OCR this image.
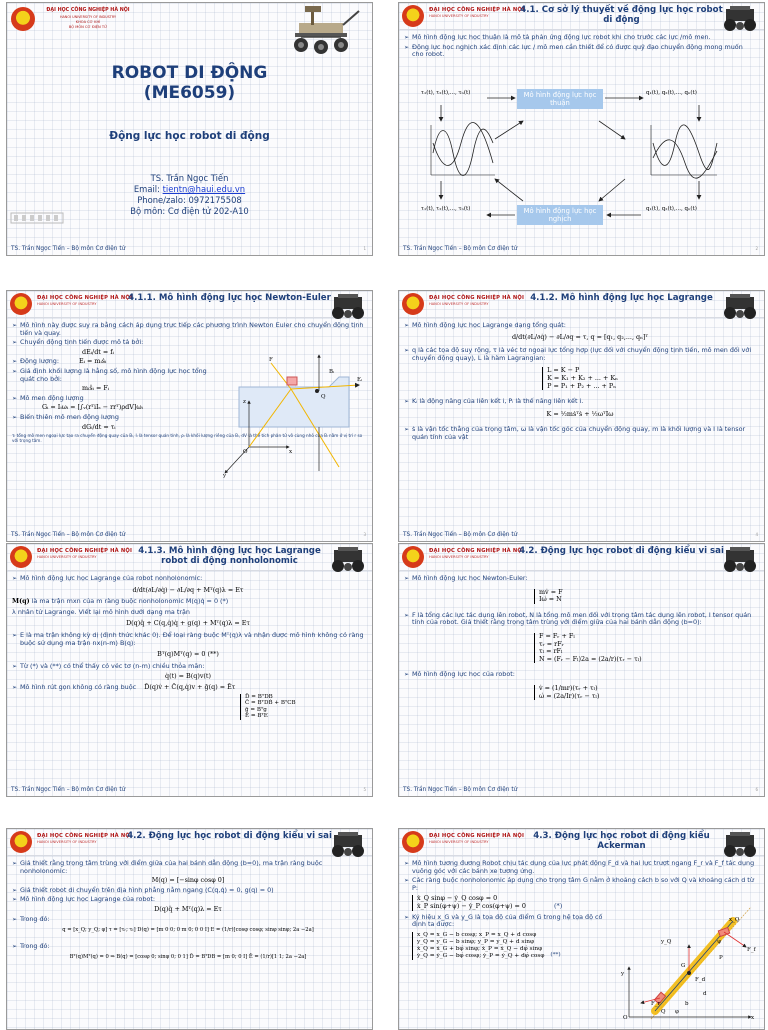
ĐẠI HỌC CÔNG NGHIỆP HÀ NỘI
HANOI UNIVERSITY OF INDUSTRY
KHOA CƠ KHÍ
BỘ MÔN CƠ ĐIỆN TỬ
ROBOT DI ĐỘNG
(ME6059)
Động lực học robot di động
TS. Trần Ngọc Tiến
Email: tientn@haui.edu.vn
Phone/zalo: 0972175508
Bộ môn: Cơ điện tử 202-A10
TS. Trần Ngọc Tiến – Bộ môn Cơ điện tử	1
ĐẠI HỌC CÔNG NGHIỆP HÀ NỘI
HANOI UNIVERSITY OF INDUSTRY
4.1. Cơ sở lý thuyết về động lực học robot di động
➢ Mô hình động lực học thuận là mô tả phản ứng động lực robot khi cho trước các lực /mô men.
➢ Động lực học nghịch xác định các lực / mô men cần thiết để có được quỹ đạo chuyển động mong muốn cho robot.
Mô hình động lực học thuận
Mô hình động lực học nghịch
τ₁(t), τ₂(t),..., τₙ(t)	q₁(t), q₂(t),..., qₙ(t)
τ₁(t), τ₂(t),..., τₙ(t)	q₁(t), q₂(t),..., qₙ(t)
TS. Trần Ngọc Tiến – Bộ môn Cơ điện tử	2
ĐẠI HỌC CÔNG NGHIỆP HÀ NỘI
HANOI UNIVERSITY OF INDUSTRY
4.1.1. Mô hình động lực học Newton-Euler
➢ Mô hình này được suy ra bằng cách áp dụng trực tiếp các phương trình Newton Euler cho chuyển động tịnh tiến và quay.
➢ Chuyển động tịnh tiến được mô tả bởi:
dEᵢ/dt = fᵢ
➢ Động lượng:	Eᵢ = mᵢṡᵢ
➢ Giả định khối lượng là hằng số, mô hình động lực học tổng quát cho bởi:
mᵢs̈ᵢ = Fᵢ
➢ Mô men động lượng
Gᵢ = Iᵢωᵢ = [∫ᵥ(rᵀiIₛ − rrᵀ)ρdV]ωᵢ
➢ Biến thiên mô men động lượng
dGᵢ/dt = τᵢ
τᵢ tổng mô men ngoại lực tạo ra chuyển động quay của Bᵢ, Iᵢ là tensor quán tính, ρᵢ là khối lượng riêng của Bᵢ, dV là thể tích phân tử vô cùng nhỏ của Bᵢ nằm ở vị trí r so với trọng tâm.
F
Bᵢ
Eᵢ
Q
z
O	x
y
TS. Trần Ngọc Tiến – Bộ môn Cơ điện tử	3
ĐẠI HỌC CÔNG NGHIỆP HÀ NỘI
HANOI UNIVERSITY OF INDUSTRY
4.1.2. Mô hình động lực học Lagrange
➢ Mô hình động lực học Lagrange dạng tổng quát:
d/dt(∂L/∂q̇) − ∂L/∂q = τ, q = [q₁, q₂,..., qₙ]ᵀ
➢ q là các tọa độ suy rộng, τ là véc tơ ngoại lực tổng hợp (lực đối với chuyển động tịnh tiến, mô men đối với chuyển động quay), L là hàm Lagrangian:
L = K − P
K = K₁ + K₂ + ... + Kₙ
P = P₁ + P₂ + ... + Pₙ
➢ Kᵢ là động năng của liên kết i, Pᵢ là thế năng liên kết i.
K = ½mṡᵀṡ + ½ωᵀIω
➢ ṡ là vận tốc thẳng của trọng tâm, ω là vận tốc góc của chuyển động quay, m là khối lượng và I là tensor quán tính của vật
TS. Trần Ngọc Tiến – Bộ môn Cơ điện tử	4
ĐẠI HỌC CÔNG NGHIỆP HÀ NỘI
HANOI UNIVERSITY OF INDUSTRY
4.1.3. Mô hình động lực học Lagrange robot di động nonholonomic
➢ Mô hình động lực học Lagrange của robot nonholonomic:
d/dt(∂L/∂q̇) − ∂L/∂q + Mᵀ(q)λ = Eτ
M(q) là ma trận mxn của m ràng buộc nonholonomic M(q)q̇ = 0 (*)
λ nhân tử Lagrange. Viết lại mô hình dưới dạng ma trận
D(q)q̈ + C(q,q̇)q̇ + g(q) + Mᵀ(q)λ = Eτ
➢ E là ma trận không kỳ dị (định thức khác 0). Để loại ràng buộc Mᵀ(q)λ và nhận được mô hình không có ràng buộc sử dụng ma trận nx(n-m) B(q):
Bᵀ(q)Mᵀ(q) = 0 (**)
➢ Từ (*) và (**) có thể thấy có véc tơ (n-m) chiều thỏa mãn:
q̇(t) = B(q)v(t)
➢ Mô hình rút gọn không có ràng buộc D̄(q)v̇ + C̄(q,q̇)v + ḡ(q) = Ēτ
D̄ = BᵀDB
C̄ = BᵀDḂ + BᵀCB
ḡ = Bᵀg
Ē = BᵀE
TS. Trần Ngọc Tiến – Bộ môn Cơ điện tử	5
ĐẠI HỌC CÔNG NGHIỆP HÀ NỘI
HANOI UNIVERSITY OF INDUSTRY
4.2. Động lực học robot di động kiểu vi sai
➢ Mô hình động lực học Newton-Euler:
mv̇ = F
Iω̇ = N
➢ F là tổng các lực tác dụng lên robot, N là tổng mô men đối với trọng tâm tác dụng lên robot, I tensor quán tính của robot. Giả thiết rằng trọng tâm trùng với điểm giữa của hai bánh dẫn động (b=0):
F = Fᵣ + Fₗ
τᵣ = rFᵣ
τₗ = rFₗ
N = (Fᵣ − Fₗ)2a = (2a/r)(τᵣ − τₗ)
➢ Mô hình động lực học của robot:
v̇ = (1/mr)(τᵣ + τₗ)
ω̇ = (2a/Ir)(τᵣ − τₗ)
TS. Trần Ngọc Tiến – Bộ môn Cơ điện tử	6
ĐẠI HỌC CÔNG NGHIỆP HÀ NỘI
HANOI UNIVERSITY OF INDUSTRY
4.2. Động lực học robot di động kiểu vi sai
➢ Giả thiết rằng trọng tâm trùng với điểm giữa của hai bánh dẫn động (b=0), ma trận ràng buộc nonholonomic:
M(q) = [−sinφ cosφ 0]
➢ Giả thiết robot di chuyển trên địa hình phẳng nằm ngang (C(q,q̇) = 0, g(q) = 0)
➢ Mô hình động lực học Lagrange của robot:
D(q)q̈ + Mᵀ(q)λ = Eτ
➢ Trong đó:
q = [x_Q; y_Q; φ] τ = [τᵣ; τₗ] D(q) = [m 0 0; 0 m 0; 0 0 I] E = (1/r)[cosφ cosφ; sinφ sinφ; 2a −2a]
➢ Trong đó:
Bᵀ(q)Mᵀ(q) = 0 ⇒ B(q) = [cosφ 0; sinφ 0; 0 1] D̄ = BᵀDB = [m 0; 0 I] Ē = (1/r)[1 1; 2a −2a]
ĐẠI HỌC CÔNG NGHIỆP HÀ NỘI
HANOI UNIVERSITY OF INDUSTRY
4.3. Động lực học robot di động kiểu Ackerman
➢ Mô hình tương đương Robot chịu tác dụng của lực phát động F_d và hai lực trượt ngang F_r và F_f tác dụng vuông góc với các bánh xe tương ứng.
➢ Các ràng buộc nonholonomic áp dụng cho trọng tâm G nằm ở khoảng cách b so với Q và khoảng cách d từ P:
ẋ_Q sinφ − ẏ_Q cosφ = 0
ẋ_P sin(φ+ψ) − ẏ_P cos(φ+ψ) = 0	(*)
➢ Ký hiệu x_G và y_G là tọa độ của điểm G trong hệ tọa độ cố định ta được:
x_Q = x_G − b cosφ; x_P = x_Q + d cosφ
y_Q = y_G − b sinφ; y_P = y_Q + d sinφ
ẋ_Q = ẋ_G + bφ̇ sinφ; ẋ_P = ẋ_Q − dφ̇ sinφ
ẏ_Q = ẏ_G − bφ̇ cosφ; ẏ_P = ẏ_Q + dφ̇ cosφ (**)
x_Q
y_Q	ψ
F_f
G
P
F_d
y
d
F_r	b
Q φ
O	x
